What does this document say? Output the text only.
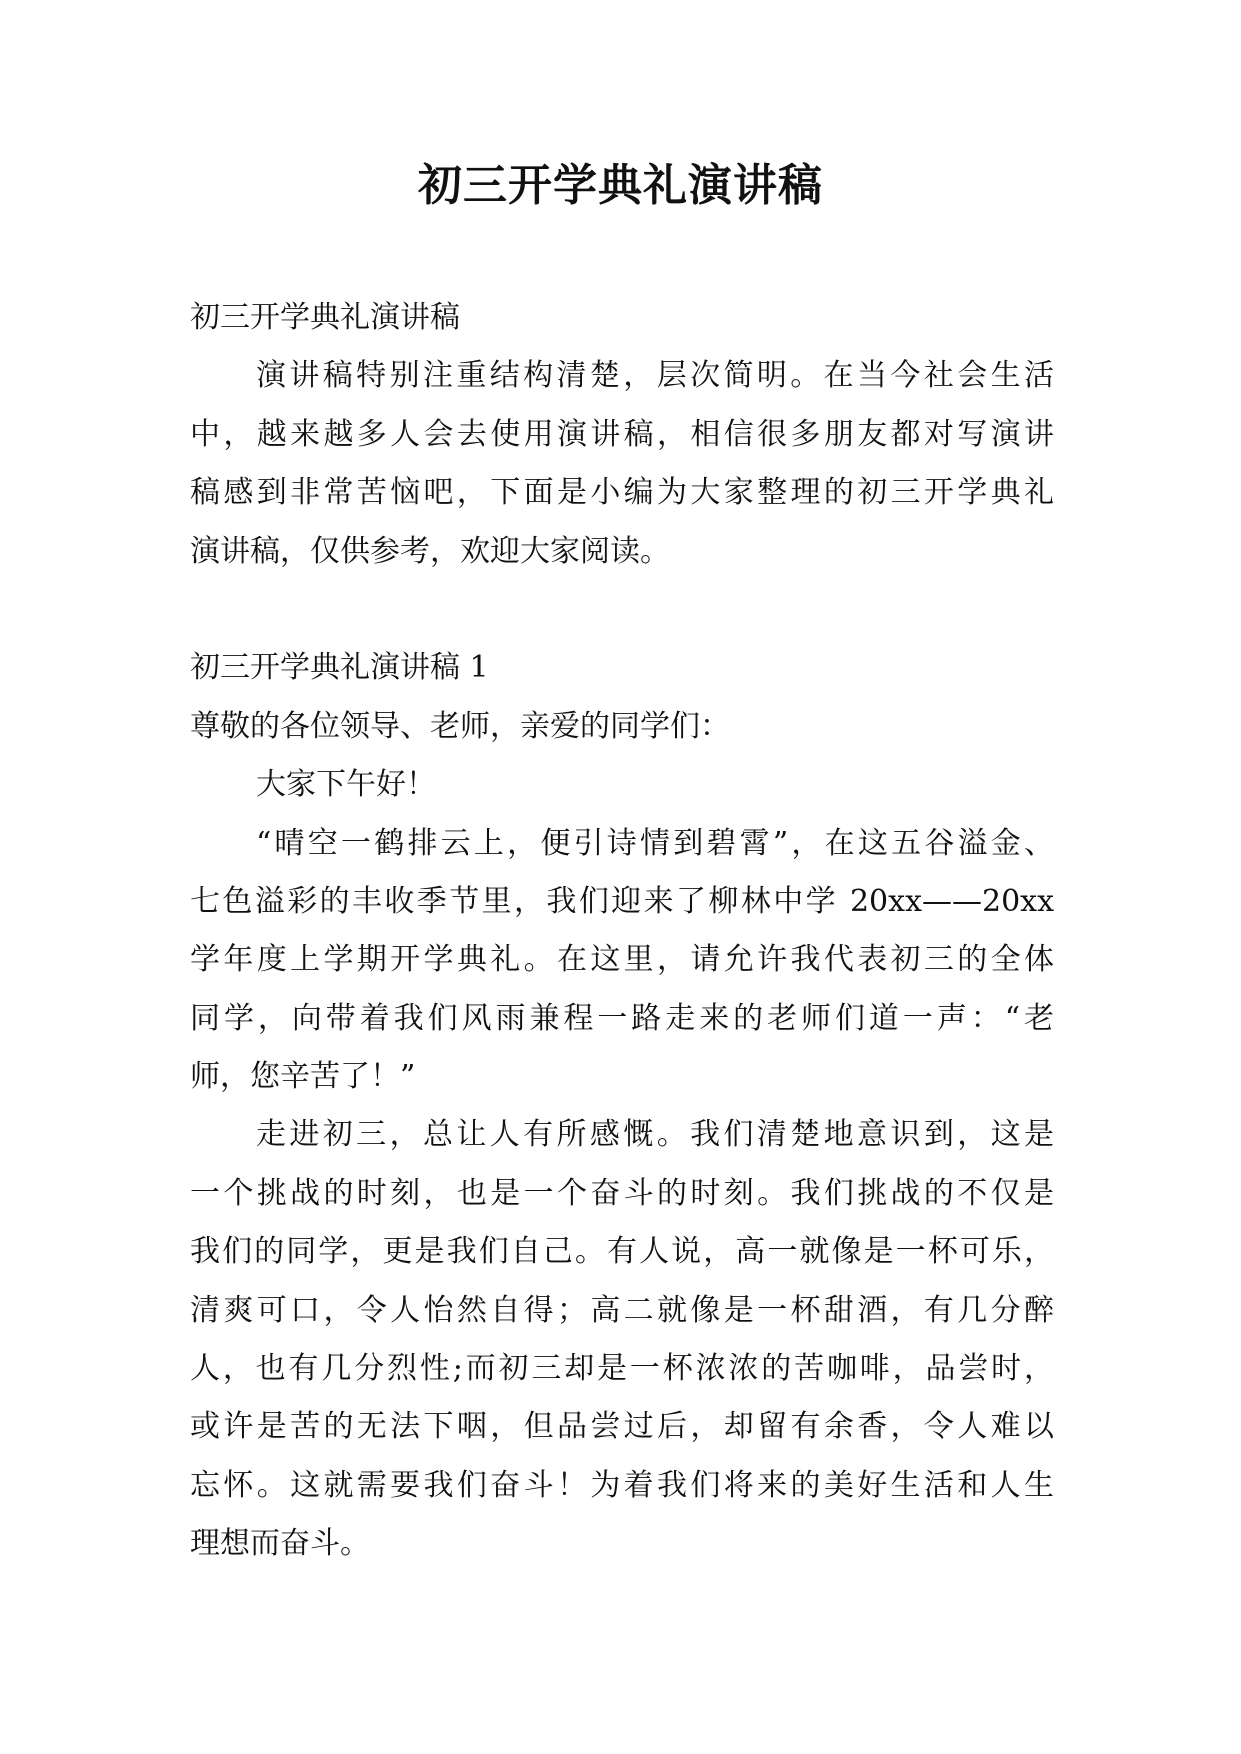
初三开学典礼演讲稿
初三开学典礼演讲稿
演讲稿特别注重结构清楚，层次简明。在当今社会生活
中，越来越多人会去使用演讲稿，相信很多朋友都对写演讲
稿感到非常苦恼吧，下面是小编为大家整理的初三开学典礼
演讲稿，仅供参考，欢迎大家阅读。
初三开学典礼演讲稿 1
尊敬的各位领导、老师，亲爱的同学们：
大家下午好！
“晴空一鹤排云上，便引诗情到碧霄”，在这五谷溢金、
七色溢彩的丰收季节里，我们迎来了柳林中学 20xx——20xx
学年度上学期开学典礼。在这里，请允许我代表初三的全体
同学，向带着我们风雨兼程一路走来的老师们道一声：“老
师，您辛苦了！”
走进初三，总让人有所感慨。我们清楚地意识到，这是
一个挑战的时刻，也是一个奋斗的时刻。我们挑战的不仅是
我们的同学，更是我们自己。有人说，高一就像是一杯可乐，
清爽可口，令人怡然自得；高二就像是一杯甜酒，有几分醉
人，也有几分烈性;而初三却是一杯浓浓的苦咖啡，品尝时，
或许是苦的无法下咽，但品尝过后，却留有余香，令人难以
忘怀。这就需要我们奋斗！为着我们将来的美好生活和人生
理想而奋斗。
